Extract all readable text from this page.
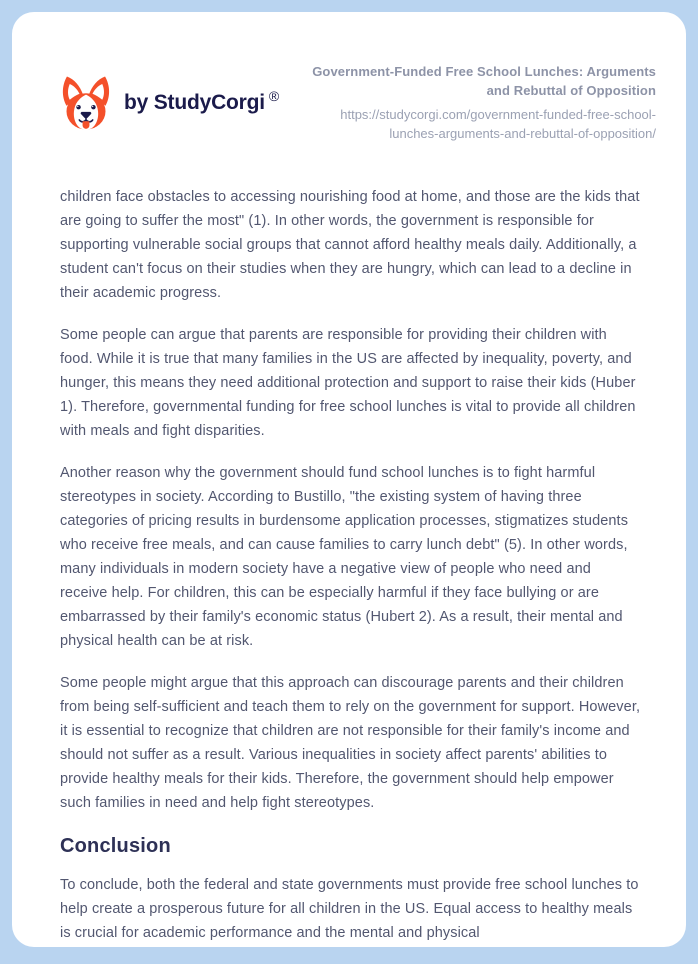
by StudyCorgi ®
Government-Funded Free School Lunches: Arguments and Rebuttal of Opposition
https://studycorgi.com/government-funded-free-school-lunches-arguments-and-rebuttal-of-opposition/

children face obstacles to accessing nourishing food at home, and those are the kids that are going to suffer the most" (1). In other words, the government is responsible for supporting vulnerable social groups that cannot afford healthy meals daily. Additionally, a student can't focus on their studies when they are hungry, which can lead to a decline in their academic progress.

Some people can argue that parents are responsible for providing their children with food. While it is true that many families in the US are affected by inequality, poverty, and hunger, this means they need additional protection and support to raise their kids (Huber 1). Therefore, governmental funding for free school lunches is vital to provide all children with meals and fight disparities.

Another reason why the government should fund school lunches is to fight harmful stereotypes in society. According to Bustillo, "the existing system of having three categories of pricing results in burdensome application processes, stigmatizes students who receive free meals, and can cause families to carry lunch debt" (5). In other words, many individuals in modern society have a negative view of people who need and receive help. For children, this can be especially harmful if they face bullying or are embarrassed by their family's economic status (Hubert 2). As a result, their mental and physical health can be at risk.

Some people might argue that this approach can discourage parents and their children from being self-sufficient and teach them to rely on the government for support. However, it is essential to recognize that children are not responsible for their family's income and should not suffer as a result. Various inequalities in society affect parents' abilities to provide healthy meals for their kids. Therefore, the government should help empower such families in need and help fight stereotypes.

Conclusion

To conclude, both the federal and state governments must provide free school lunches to help create a prosperous future for all children in the US. Equal access to healthy meals is crucial for academic performance and the mental and physical
